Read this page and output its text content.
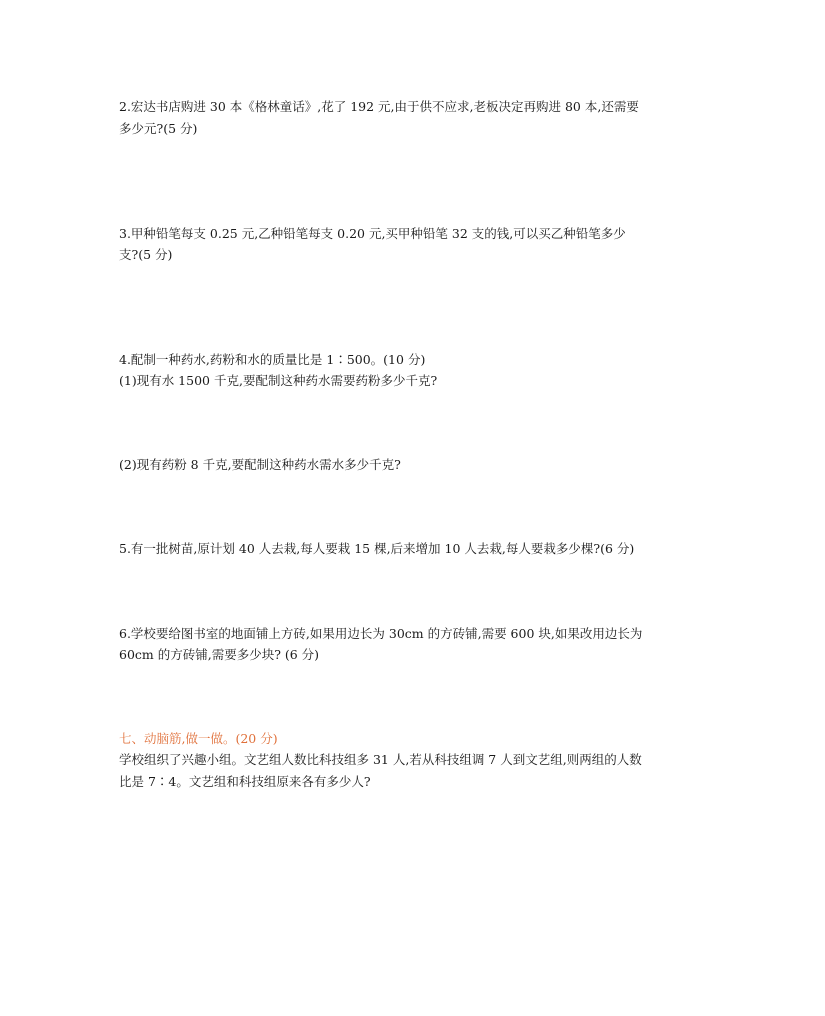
2.宏达书店购进 30 本《格林童话》,花了 192 元,由于供不应求,老板决定再购进 80 本,还需要
多少元?(5 分)
3.甲种铅笔每支 0.25 元,乙种铅笔每支 0.20 元,买甲种铅笔 32 支的钱,可以买乙种铅笔多少
支?(5 分)
4.配制一种药水,药粉和水的质量比是 1∶500。(10 分)
(1)现有水 1500 千克,要配制这种药水需要药粉多少千克?
(2)现有药粉 8 千克,要配制这种药水需水多少千克?
5.有一批树苗,原计划 40 人去栽,每人要栽 15 棵,后来增加 10 人去栽,每人要栽多少棵?(6 分)
6.学校要给图书室的地面铺上方砖,如果用边长为 30cm 的方砖铺,需要 600 块,如果改用边长为
60cm 的方砖铺,需要多少块? (6 分)
七、动脑筋,做一做。(20 分)
学校组织了兴趣小组。文艺组人数比科技组多 31 人,若从科技组调 7 人到文艺组,则两组的人数
比是 7∶4。文艺组和科技组原来各有多少人?
